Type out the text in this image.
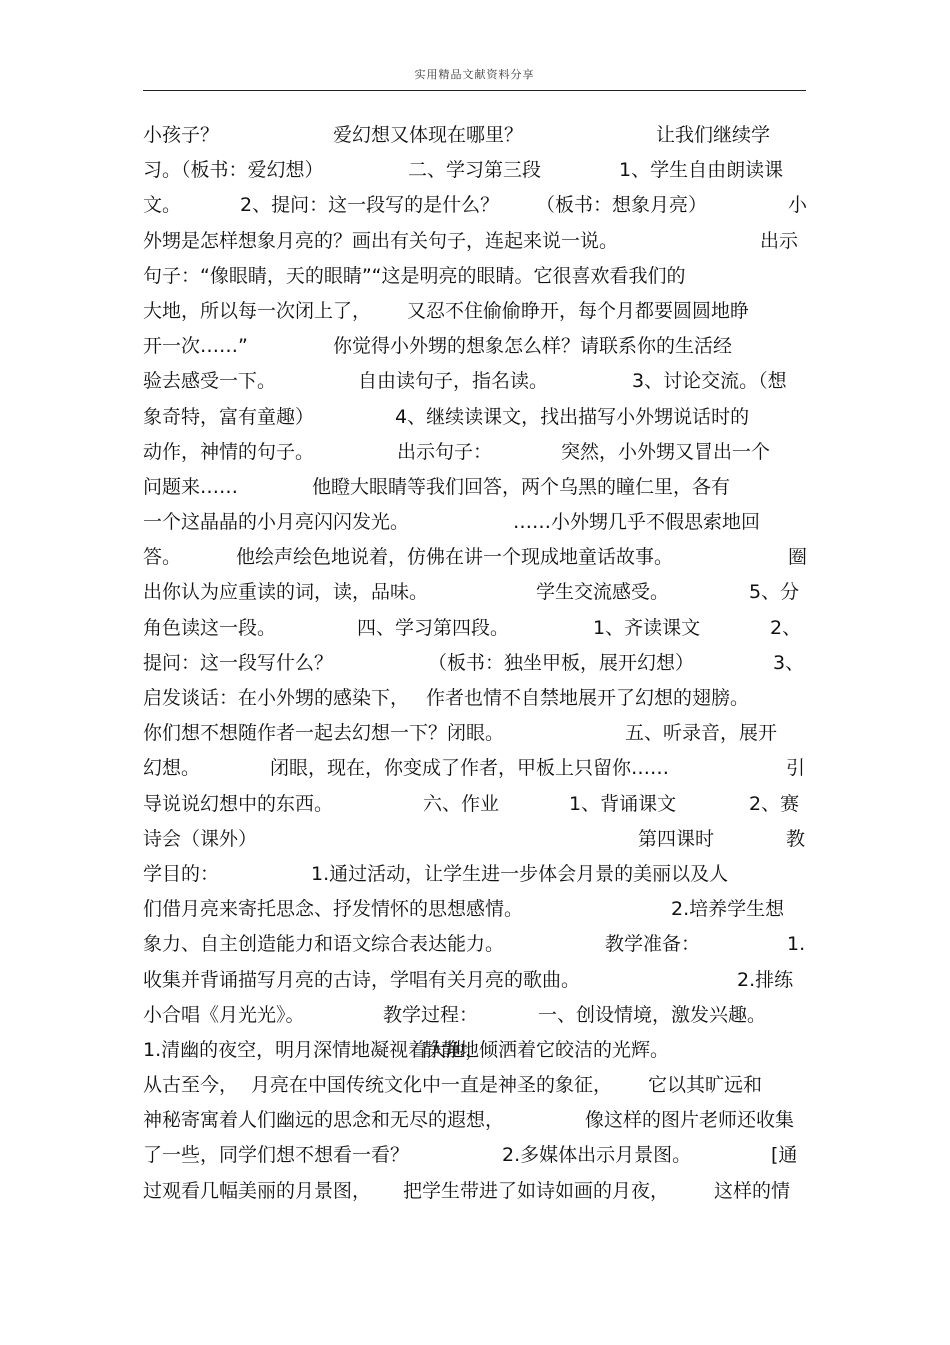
实用精品文献资料分享
小孩子？	爱幻想又体现在哪里？	让我们继续学
习。（板书：爱幻想）	二、学习第三段	1、学生自由朗读课
文。	2、提问：这一段写的是什么？ （板书：想象月亮）	小
外甥是怎样想象月亮的？画出有关句子，连起来说一说。	出示
句子：“像眼睛，天的眼睛”“这是明亮的眼睛。它很喜欢看我们的
大地，所以每一次闭上了， 又忍不住偷偷睁开，每个月都要圆圆地睁
开一次……”	你觉得小外甥的想象怎么样？请联系你的生活经
验去感受一下。	自由读句子，指名读。	3、讨论交流。（想
象奇特，富有童趣）	4、继续读课文，找出描写小外甥说话时的
动作，神情的句子。	出示句子：	突然，小外甥又冒出一个
问题来……	他瞪大眼睛等我们回答，两个乌黑的瞳仁里，各有
一个这晶晶的小月亮闪闪发光。	……小外甥几乎不假思索地回
答。	他绘声绘色地说着，仿佛在讲一个现成地童话故事。	圈
出你认为应重读的词，读，品味。	学生交流感受。	5、分
角色读这一段。	四、学习第四段。	1、齐读课文	2、
提问：这一段写什么？	（板书：独坐甲板，展开幻想）	3、
启发谈话：在小外甥的感染下， 作者也情不自禁地展开了幻想的翅膀。
你们想不想随作者一起去幻想一下？闭眼。	五、听录音，展开
幻想。	闭眼，现在，你变成了作者，甲板上只留你……	引
导说说幻想中的东西。	六、作业	1、背诵课文	2、赛
诗会（课外）	第四课时	教
学目的：	1.通过活动，让学生进一步体会月景的美丽以及人
们借月亮来寄托思念、抒发情怀的思想感情。	2.培养学生想
象力、自主创造能力和语文综合表达能力。	教学准备：	1.
收集并背诵描写月亮的古诗，学唱有关月亮的歌曲。	2.排练
小合唱《月光光》。	教学过程：	一、创设情境，激发兴趣。
1.清幽的夜空，明月深情地凝视着大地，
静静地倾洒着它皎洁的光辉。
从古至今， 月亮在中国传统文化中一直是神圣的象征， 它以其旷远和
神秘寄寓着人们幽远的思念和无尽的遐想，	像这样的图片老师还收集
了一些，同学们想不想看一看？	2.多媒体出示月景图。	[通
过观看几幅美丽的月景图， 把学生带进了如诗如画的月夜， 这样的情
